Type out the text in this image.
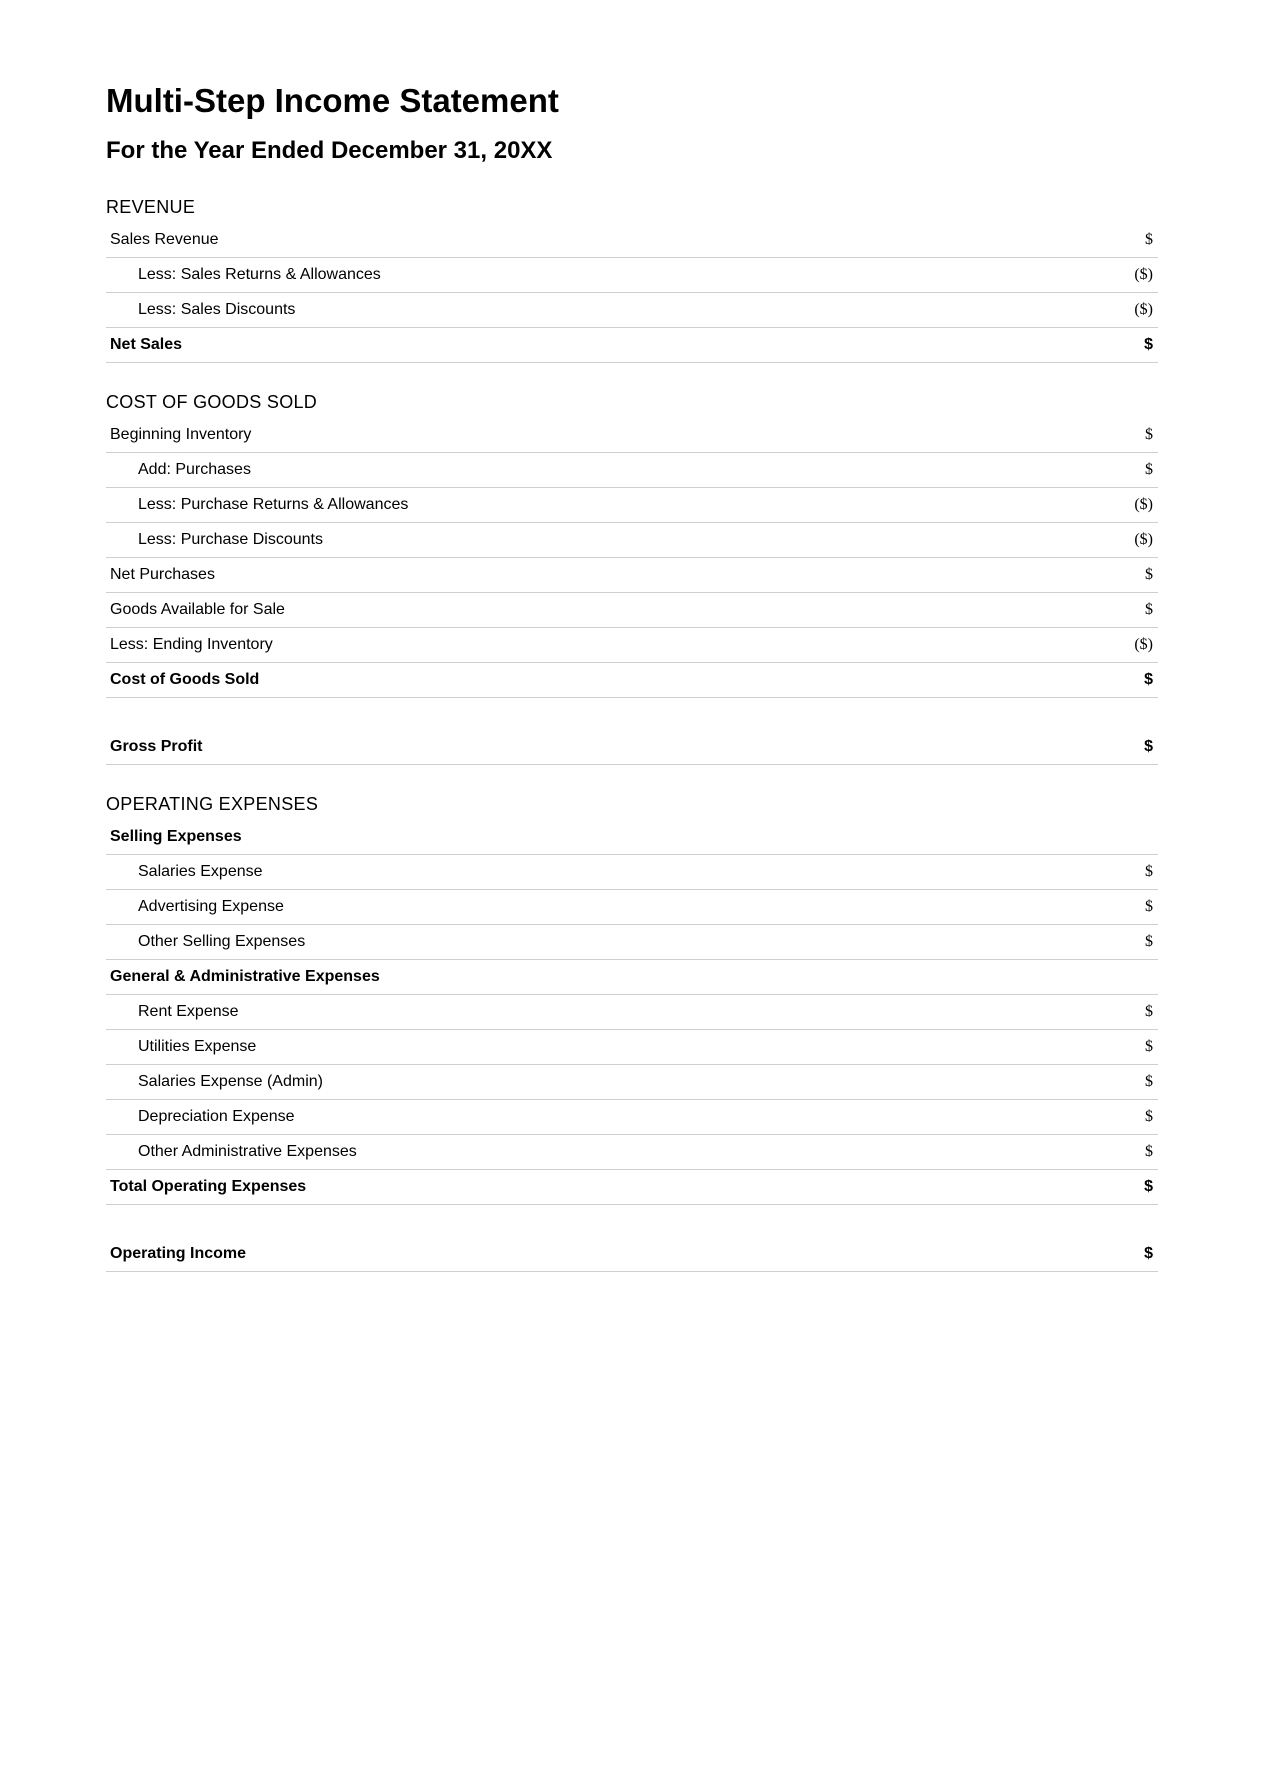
Multi-Step Income Statement
For the Year Ended December 31, 20XX
REVENUE
Sales Revenue	$
Less: Sales Returns & Allowances	($)
Less: Sales Discounts	($)
Net Sales	$
COST OF GOODS SOLD
Beginning Inventory	$
Add: Purchases	$
Less: Purchase Returns & Allowances	($)
Less: Purchase Discounts	($)
Net Purchases	$
Goods Available for Sale	$
Less: Ending Inventory	($)
Cost of Goods Sold	$
Gross Profit	$
OPERATING EXPENSES
Selling Expenses
Salaries Expense	$
Advertising Expense	$
Other Selling Expenses	$
General & Administrative Expenses
Rent Expense	$
Utilities Expense	$
Salaries Expense (Admin)	$
Depreciation Expense	$
Other Administrative Expenses	$
Total Operating Expenses	$
Operating Income	$
